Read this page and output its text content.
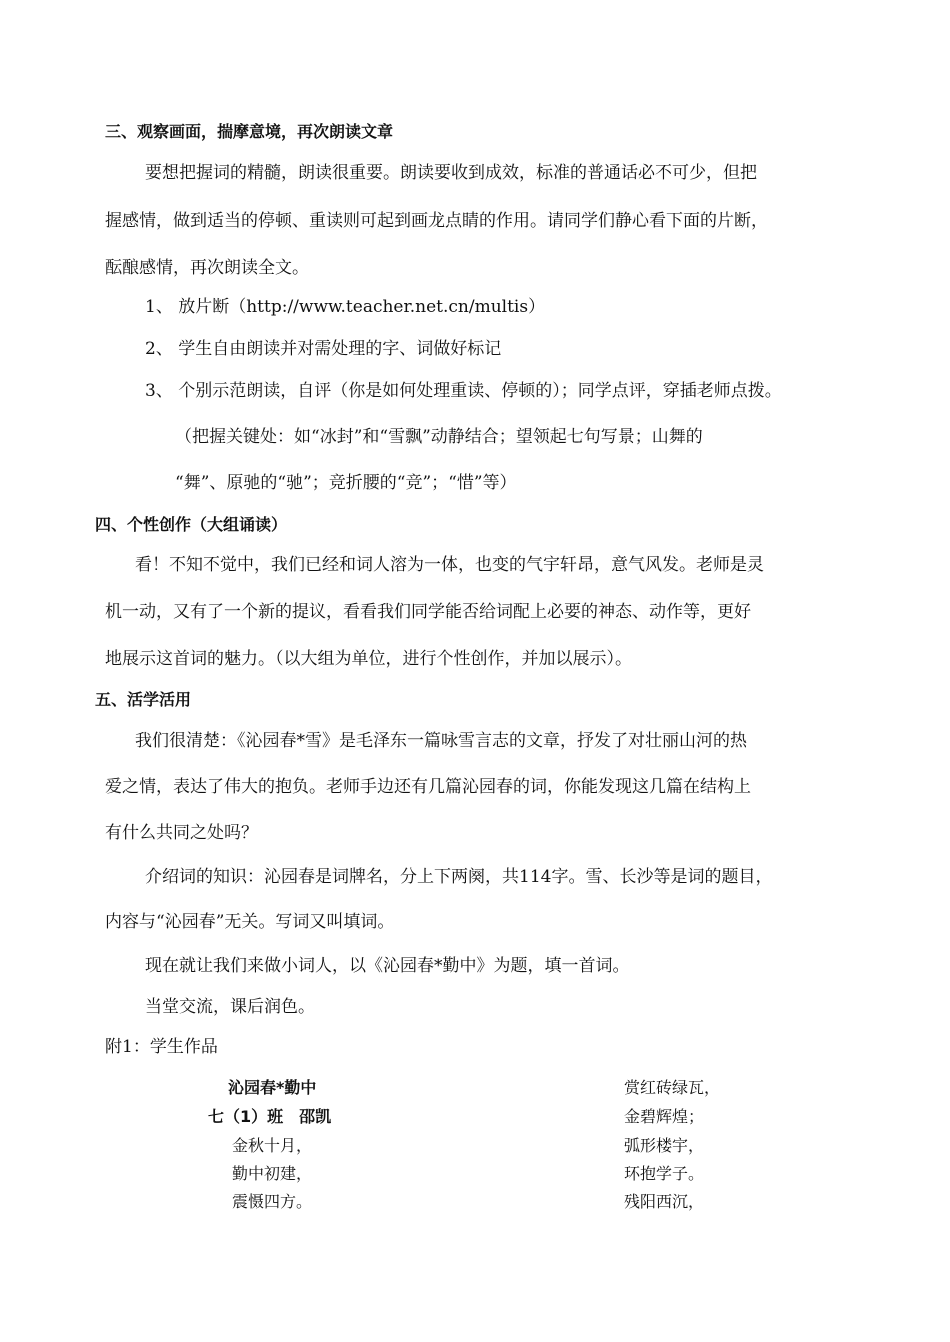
三、观察画面，揣摩意境，再次朗读文章
要想把握词的精髓，朗读很重要。朗读要收到成效，标准的普通话必不可少，但把
握感情，做到适当的停顿、重读则可起到画龙点睛的作用。请同学们静心看下面的片断，
酝酿感情，再次朗读全文。
1、 放片断（http://www.teacher.net.cn/multis）
2、 学生自由朗读并对需处理的字、词做好标记
3、 个别示范朗读，自评（你是如何处理重读、停顿的）；同学点评，穿插老师点拨。
（把握关键处：如“冰封”和“雪飘”动静结合；望领起七句写景；山舞的
“舞”、原驰的“驰”；竞折腰的“竞”；“惜”等）
四、个性创作（大组诵读）
看！不知不觉中，我们已经和词人溶为一体，也变的气宇轩昂，意气风发。老师是灵
机一动，又有了一个新的提议，看看我们同学能否给词配上必要的神态、动作等，更好
地展示这首词的魅力。（以大组为单位，进行个性创作，并加以展示）。
五、活学活用
我们很清楚：《沁园春*雪》是毛泽东一篇咏雪言志的文章，抒发了对壮丽山河的热
爱之情，表达了伟大的抱负。老师手边还有几篇沁园春的词，你能发现这几篇在结构上
有什么共同之处吗？
介绍词的知识：沁园春是词牌名，分上下两阕，共114字。雪、长沙等是词的题目，
内容与“沁园春”无关。写词又叫填词。
现在就让我们来做小词人，以《沁园春*勤中》为题，填一首词。
当堂交流，课后润色。
附1：学生作品
沁园春*勤中
七（1）班　邵凯
金秋十月，
勤中初建，
震慑四方。
赏红砖绿瓦，
金碧辉煌；
弧形楼宇，
环抱学子。
残阳西沉，
